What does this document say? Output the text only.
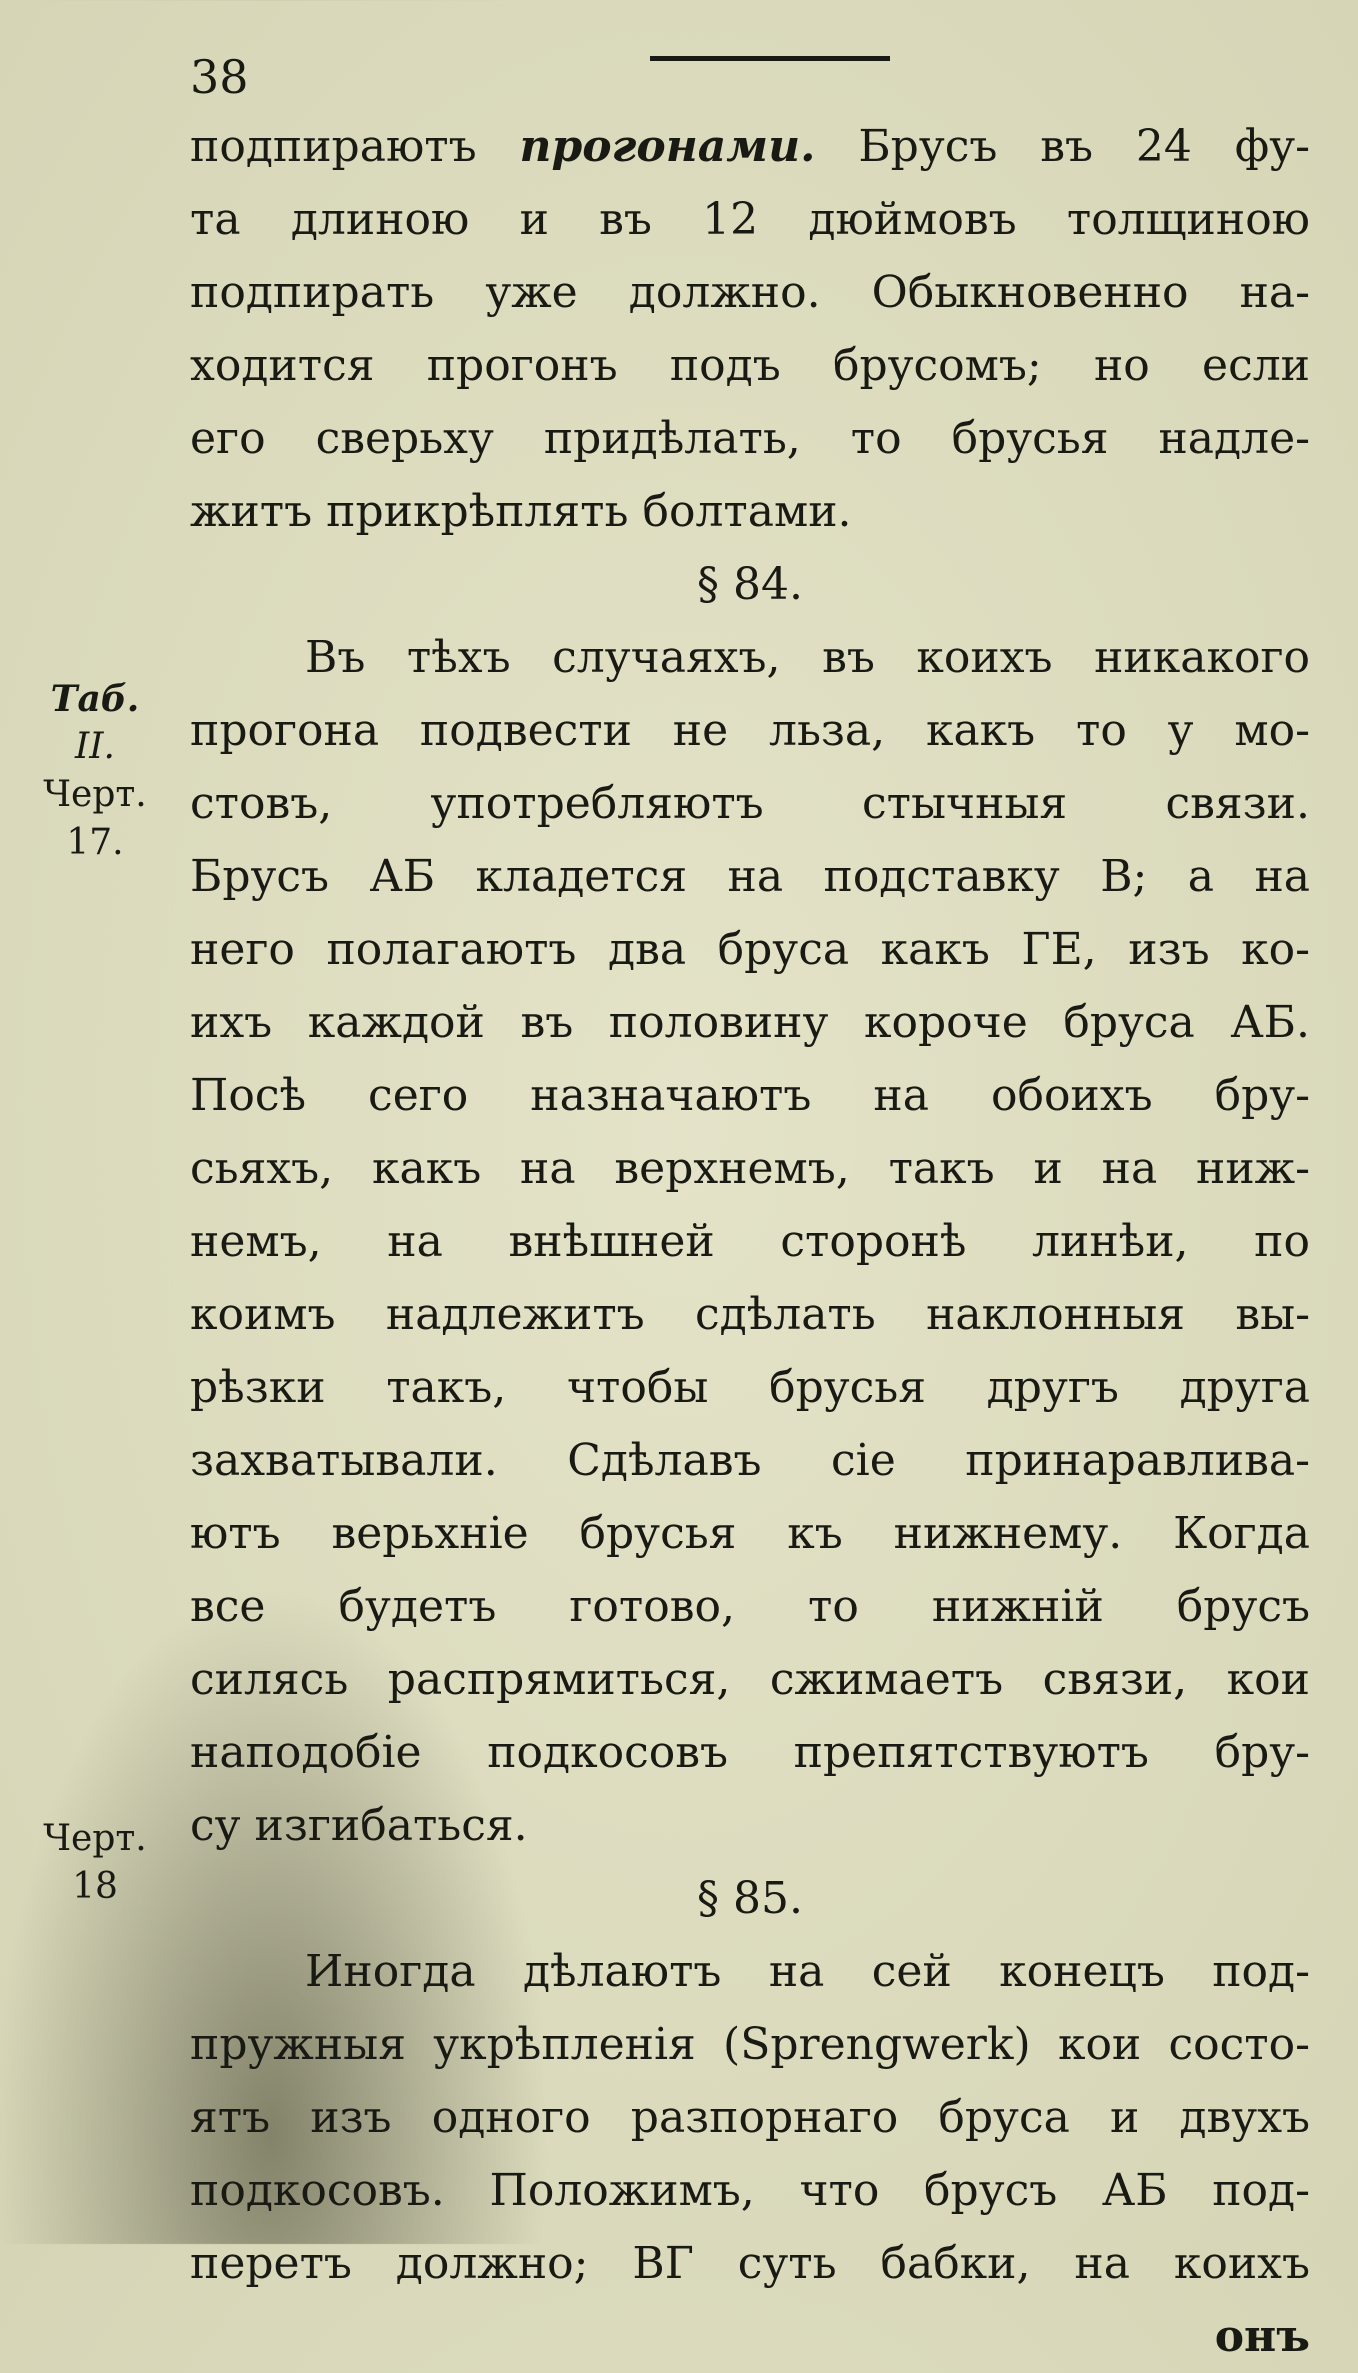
38
Таб.
II.
Черт.
17.
Черт.
18
подпираютъ прогонами. Брусъ въ 24 фу-
та длиною и въ 12 дюймовъ толщиною
подпирать уже должно. Обыкновенно на-
ходится прогонъ подъ брусомъ; но если
его сверьху придѣлать, то брусья надле-
житъ прикрѣплять болтами.
§ 84.
Въ тѣхъ случаяхъ, въ коихъ никакого
прогона подвести не льза, какъ то у мо-
стовъ, употребляютъ стычныя связи.
Брусъ АБ кладется на подставку В; а на
него полагаютъ два бруса какъ ГЕ, изъ ко-
ихъ каждой въ половину короче бруса АБ.
Посѣ сего назначаютъ на обоихъ бру-
сьяхъ, какъ на верхнемъ, такъ и на ниж-
немъ, на внѣшней сторонѣ линѣи, по
коимъ надлежитъ сдѣлать наклонныя вы-
рѣзки такъ, чтобы брусья другъ друга
захватывали. Сдѣлавъ сіе принаравлива-
ютъ верьхніе брусья къ нижнему. Когда
все будетъ готово, то нижній брусъ
силясь распрямиться, сжимаетъ связи, кои
наподобіе подкосовъ препятствуютъ бру-
су изгибаться.
§ 85.
Иногда дѣлаютъ на сей конецъ под-
пружныя укрѣпленія (Sprengwerk) кои состо-
ятъ изъ одного разпорнаго бруса и двухъ
подкосовъ. Положимъ, что брусъ АБ под-
перетъ должно; ВГ суть бабки, на коихъ
онъ
